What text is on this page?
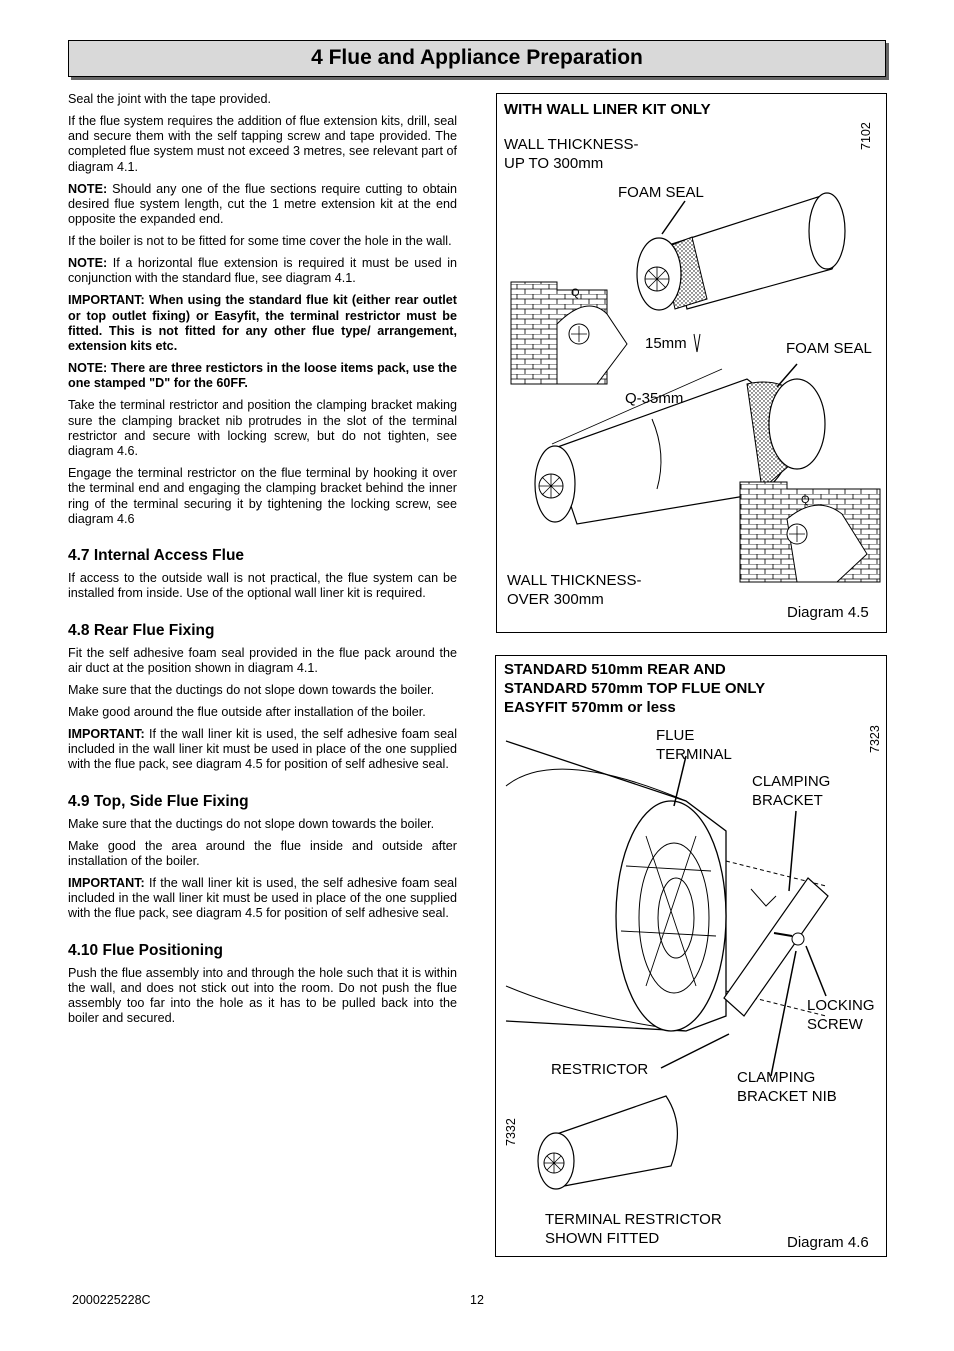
4 Flue and Appliance Preparation

Seal the joint with the tape provided.

If the flue system requires the addition of flue extension kits, drill, seal and secure them with the self tapping screw and tape provided. The completed flue system must not exceed 3 metres, see relevant part of diagram 4.1.

NOTE: Should any one of the flue sections require cutting to obtain desired flue system length, cut the 1 metre extension kit at the end opposite the expanded end.

If the boiler is not to be fitted for some time cover the hole in the wall.

NOTE: If a horizontal flue extension is required it must be used in conjunction with the standard flue, see diagram 4.1.

IMPORTANT: When using the standard flue kit (either rear outlet or top outlet fixing) or Easyfit, the terminal restrictor must be fitted. This is not fitted for any other flue type/ arrangement, extension kits etc.

NOTE: There are three restictors in the loose items pack, use the one stamped "D" for the 60FF.

Take the terminal restrictor and position the clamping bracket making sure the clamping bracket nib protrudes in the slot of the terminal restrictor and secure with locking screw, but do not tighten, see diagram 4.6.

Engage the terminal restrictor on the flue terminal by hooking it over the terminal end and engaging the clamping bracket behind the inner ring of the terminal securing it by tightening the locking screw, see diagram 4.6

4.7 Internal Access Flue

If access to the outside wall is not practical, the flue system can be installed from inside. Use of the optional wall liner kit is required.

4.8 Rear Flue Fixing

Fit the self adhesive foam seal provided in the flue pack around the air duct at the position shown in diagram 4.1.

Make sure that the ductings do not slope down towards the boiler.

Make good around the flue outside after installation of the boiler.

IMPORTANT: If the wall liner kit is used, the self adhesive foam seal included in the wall liner kit must be used in place of the one supplied with the flue pack, see diagram 4.5 for position of self adhesive seal.

4.9 Top, Side Flue Fixing

Make sure that the ductings do not slope down towards the boiler.

Make good the area around the flue inside and outside after installation of the boiler.

IMPORTANT: If the wall liner kit is used, the self adhesive foam seal included in the wall liner kit must be used in place of the one supplied with the flue pack, see diagram 4.5 for position of self adhesive seal.

4.10 Flue Positioning

Push the flue assembly into and through the hole such that it is within the wall, and does not stick out into the room. Do not push the flue assembly too far into the hole as it has to be pulled back into the boiler and secured.

WITH WALL LINER KIT ONLY
7102
WALL THICKNESS-
UP TO 300mm
FOAM SEAL
Q
15mm	FOAM SEAL
Q-35mm
Q
WALL THICKNESS-
OVER 300mm
Diagram 4.5
STANDARD 510mm REAR AND
STANDARD 570mm TOP FLUE ONLY
EASYFIT 570mm or less
7323
FLUE
TERMINAL
CLAMPING
BRACKET
LOCKING
SCREW
RESTRICTOR	CLAMPING
BRACKET NIB
7332
TERMINAL RESTRICTOR
SHOWN FITTED	Diagram 4.6
2000225228C	12
